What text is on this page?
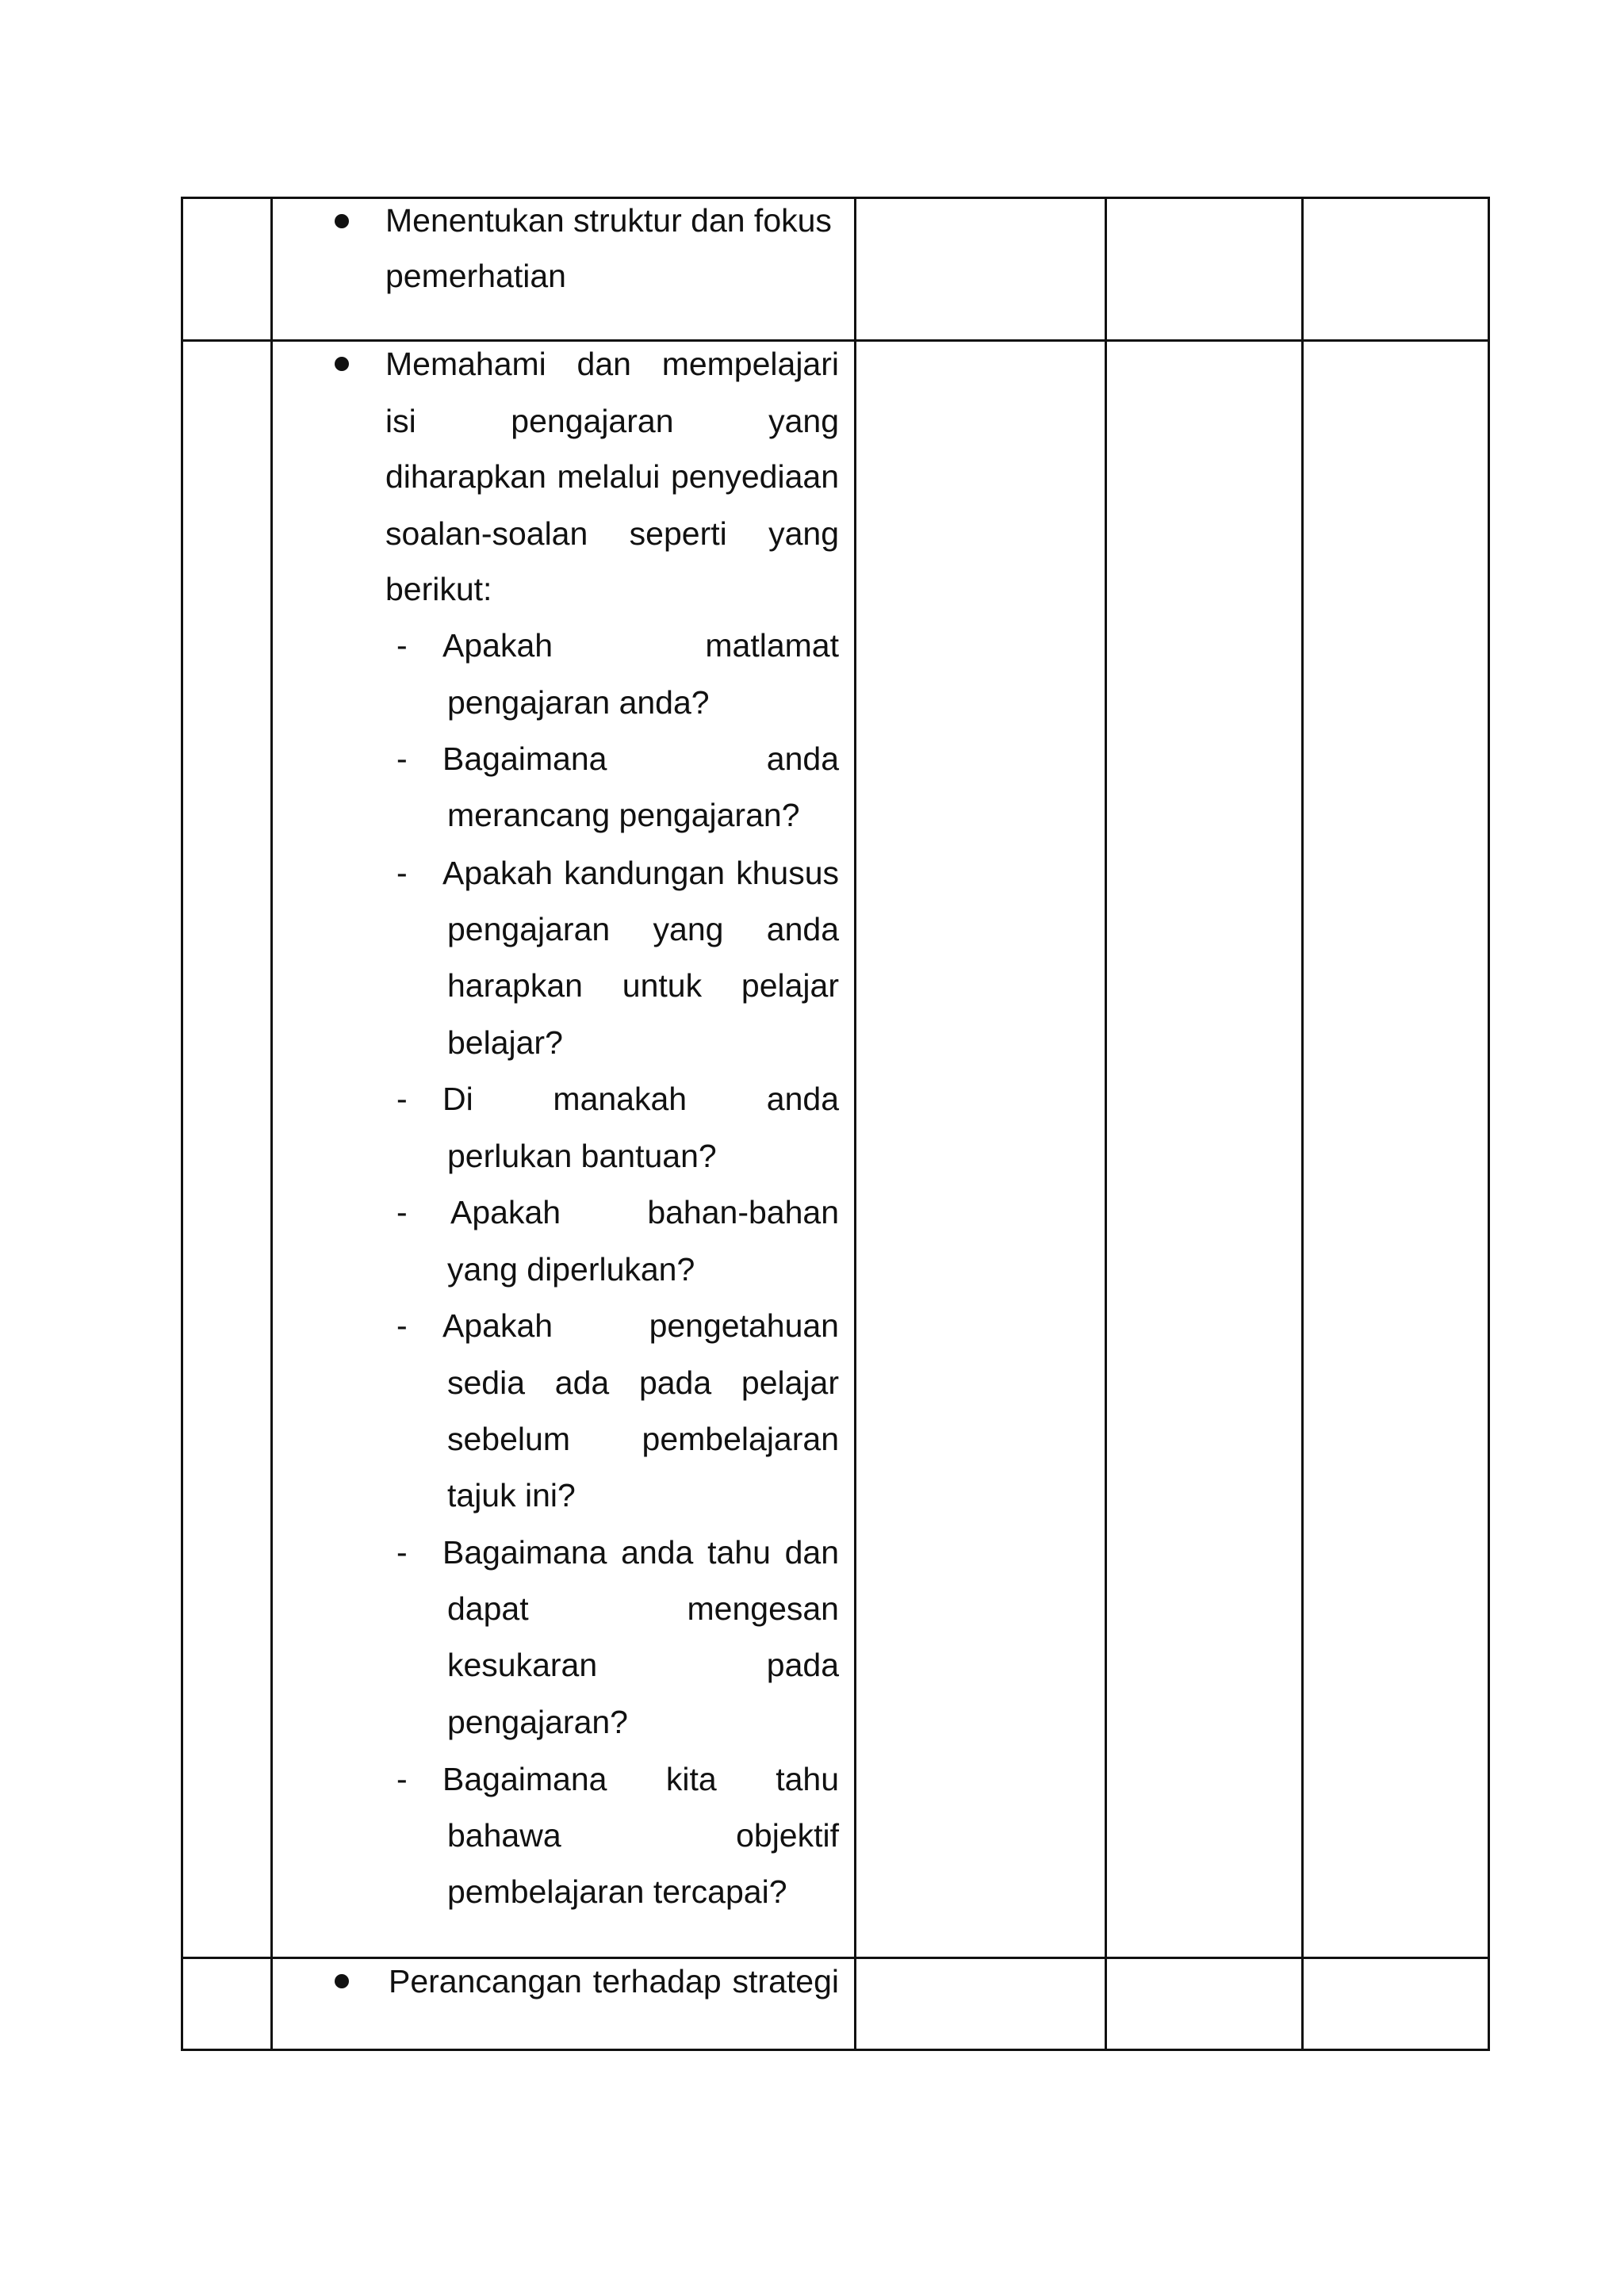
Menentukan struktur dan fokus
pemerhatian
Memahami dan mempelajari
isi pengajaran yang
diharapkan melalui penyediaan
soalan-soalan seperti yang
berikut:
- Apakah matlamat
pengajaran anda?
- Bagaimana anda
merancang pengajaran?
- Apakah kandungan khusus
pengajaran yang anda
harapkan untuk pelajar
belajar?
- Di manakah anda
perlukan bantuan?
- Apakah bahan-bahan
yang diperlukan?
- Apakah pengetahuan
sedia ada pada pelajar
sebelum pembelajaran
tajuk ini?
- Bagaimana anda tahu dan
dapat mengesan
kesukaran pada
pengajaran?
- Bagaimana kita tahu
bahawa objektif
pembelajaran tercapai?
Perancangan terhadap strategi
